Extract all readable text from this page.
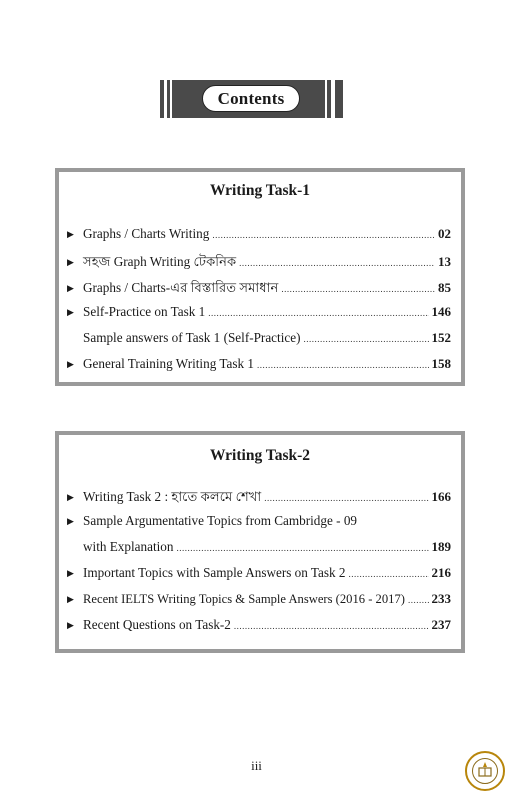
Contents
Writing Task-1
▶ Graphs / Charts Writing .....	02
▶ সহজ Graph Writing টেকনিক .....	13
▶ Graphs / Charts-এর বিস্তারিত সমাধান .....	85
▶ Self-Practice on Task 1 .....	146
Sample answers of Task 1 (Self-Practice) .....	152
▶ General Training Writing Task 1 .....	158
Writing Task-2
▶ Writing Task 2 : হাতে কলমে শেখা .....	166
▶ Sample Argumentative Topics from Cambridge - 09
with Explanation .....	189
▶ Important Topics with Sample Answers on Task 2 .....	216
▶ Recent IELTS Writing Topics & Sample Answers (2016 - 2017) ..... 233
▶ Recent Questions on Task-2 .....	237
iii
